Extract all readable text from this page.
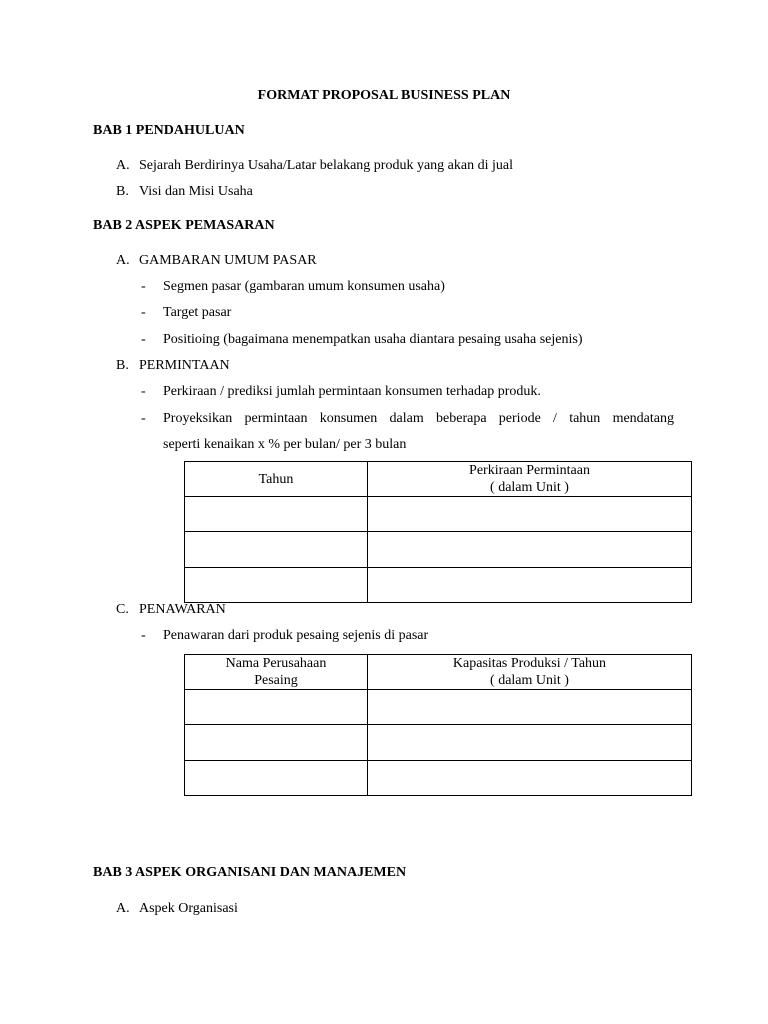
FORMAT PROPOSAL BUSINESS PLAN
BAB 1 PENDAHULUAN
A. Sejarah Berdirinya Usaha/Latar belakang produk yang akan di jual
B. Visi dan Misi Usaha
BAB 2 ASPEK PEMASARAN
A. GAMBARAN UMUM PASAR
- Segmen pasar (gambaran umum konsumen usaha)
- Target pasar
- Positioing (bagaimana menempatkan usaha diantara pesaing usaha sejenis)
B. PERMINTAAN
- Perkiraan / prediksi jumlah permintaan konsumen terhadap produk.
- Proyeksikan permintaan konsumen dalam beberapa periode / tahun mendatang
seperti kenaikan x % per bulan/ per 3 bulan
Tahun	Perkiraan Permintaan
( dalam Unit )

C. PENAWARAN
- Penawaran dari produk pesaing sejenis di pasar
Nama Perusahaan
Pesaing	Kapasitas Produksi / Tahun
( dalam Unit )

BAB 3 ASPEK ORGANISANI DAN MANAJEMEN
A. Aspek Organisasi
